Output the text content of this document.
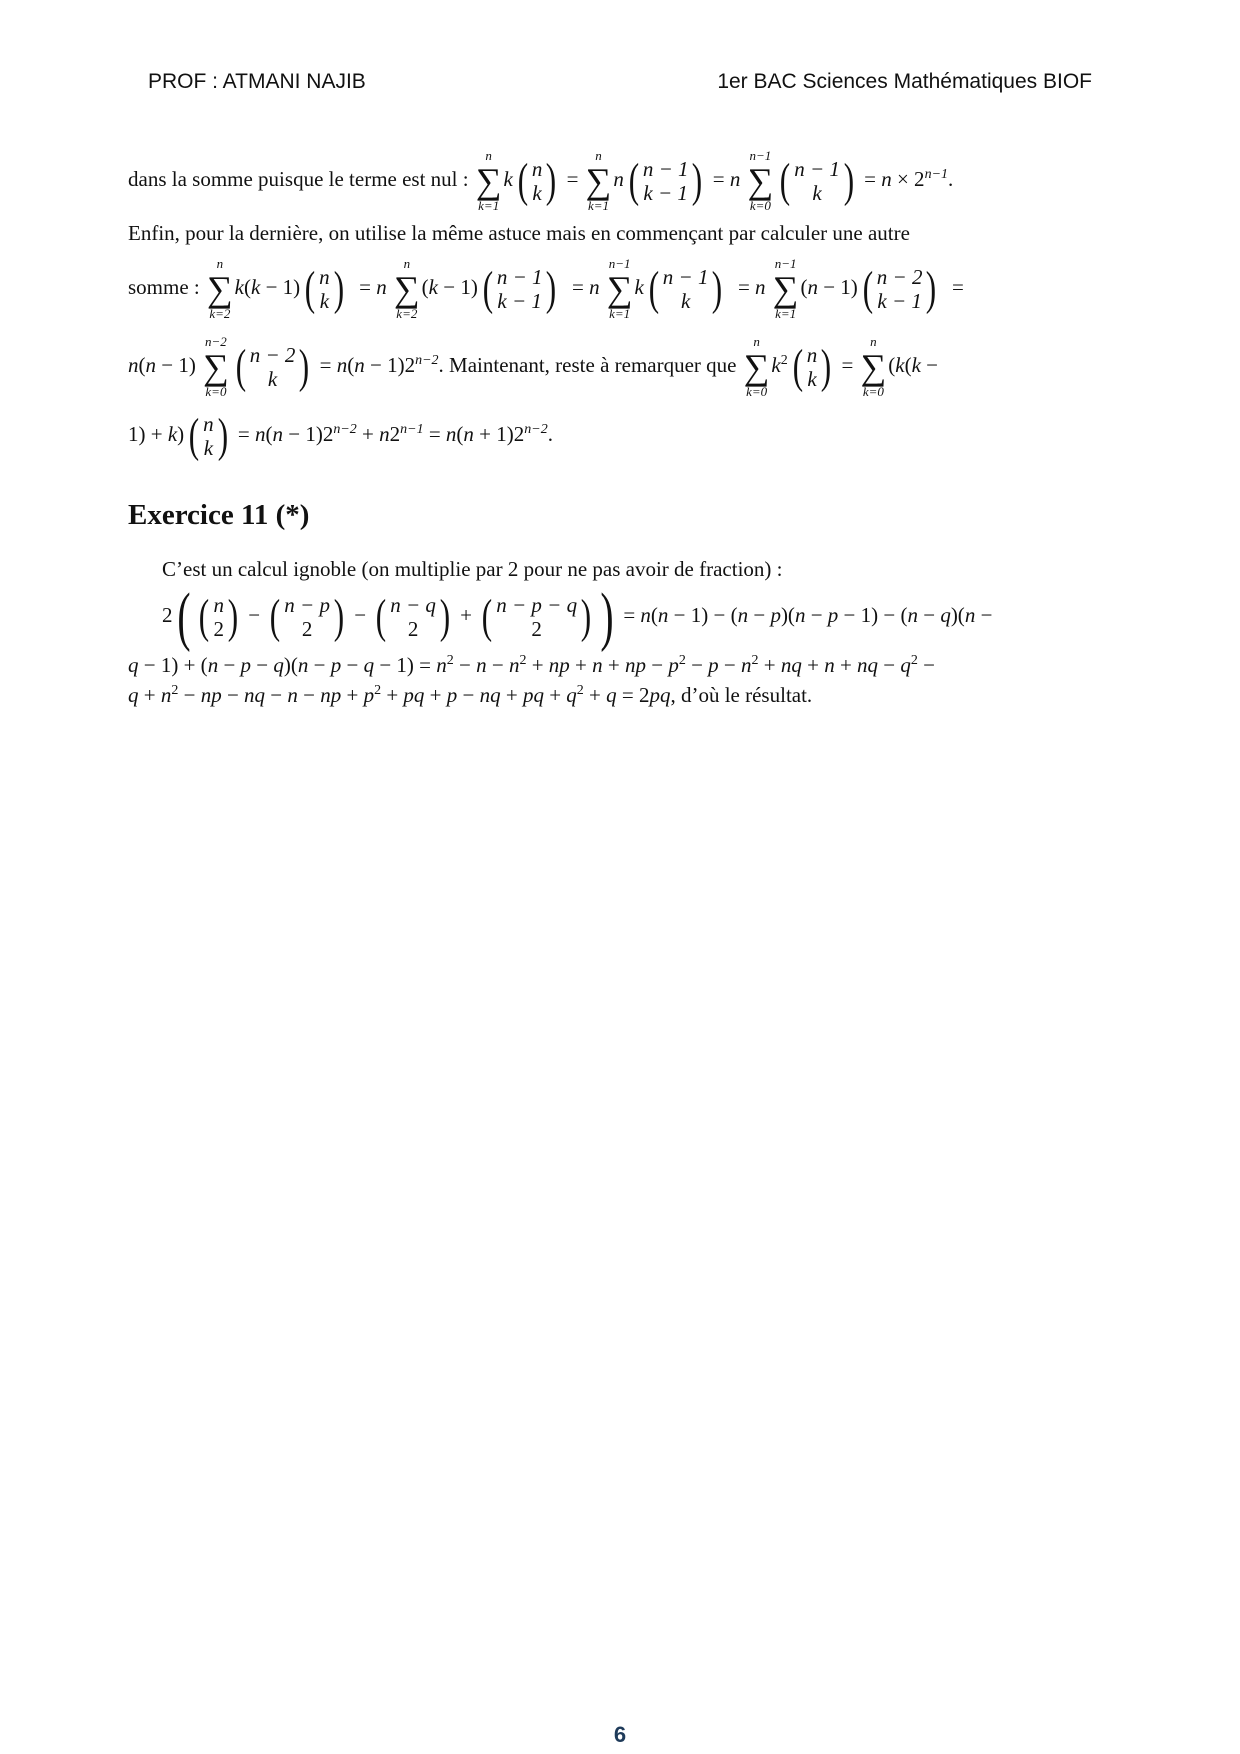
PROF : ATMANI NAJIB	1er BAC Sciences Mathématiques BIOF
dans la somme puisque le terme est nul :
n
∑
k=1
k ( n
k ) =
n
∑
k=1
n ( n − 1
k − 1 ) = n
n−1
∑
k=0 ( n − 1
k ) = $n \times 2^{n-1}$.
Enfin, pour la dernière, on utilise la même astuce mais en commençant par calculer une autre
somme :
n
∑
k=2
k(k − 1) ( n
k ) = n
n
∑
k=2
(k − 1) ( n − 1
k − 1 ) = n
n−1
∑
k=1
k ( n − 1
k ) = n
n−1
∑
k=1
(n − 1) ( n − 2
k − 1 ) =
n(n − 1)
n−2
∑
k=0 ( n − 2
k ) = $n(n - 1)2^{n-2}$. Maintenant, reste à remarquer que
n
∑
k=0
$k^2$ ( n
k ) =
n
∑
k=0
(k(k −
1) + k) ( n
k ) = $n(n - 1)2^{n-2} + n2^{n-1} = n(n + 1)2^{n-2}$.
Exercice 11 (*)
C’est un calcul ignoble (on multiplie par 2 pour ne pas avoir de fraction) :
2( ( n
2 ) − ( n − p
2 ) − ( n − q
2 ) + ( n − p − q
2 ) ) = n(n − 1) − (n − p)(n − p − 1) − (n − q)(n −
$q - 1) + (n - p - q)(n - p - q - 1) = n^2 - n - n^2$ + np + n + np − $p^2 - p - n^2$ + nq + n + nq − $q^2$ −
$q + n^2$ − np − nq − n − np + $p^2$ + pq + p − nq + pq + $q^2 + q = 2pq$, d’où le résultat.
6
